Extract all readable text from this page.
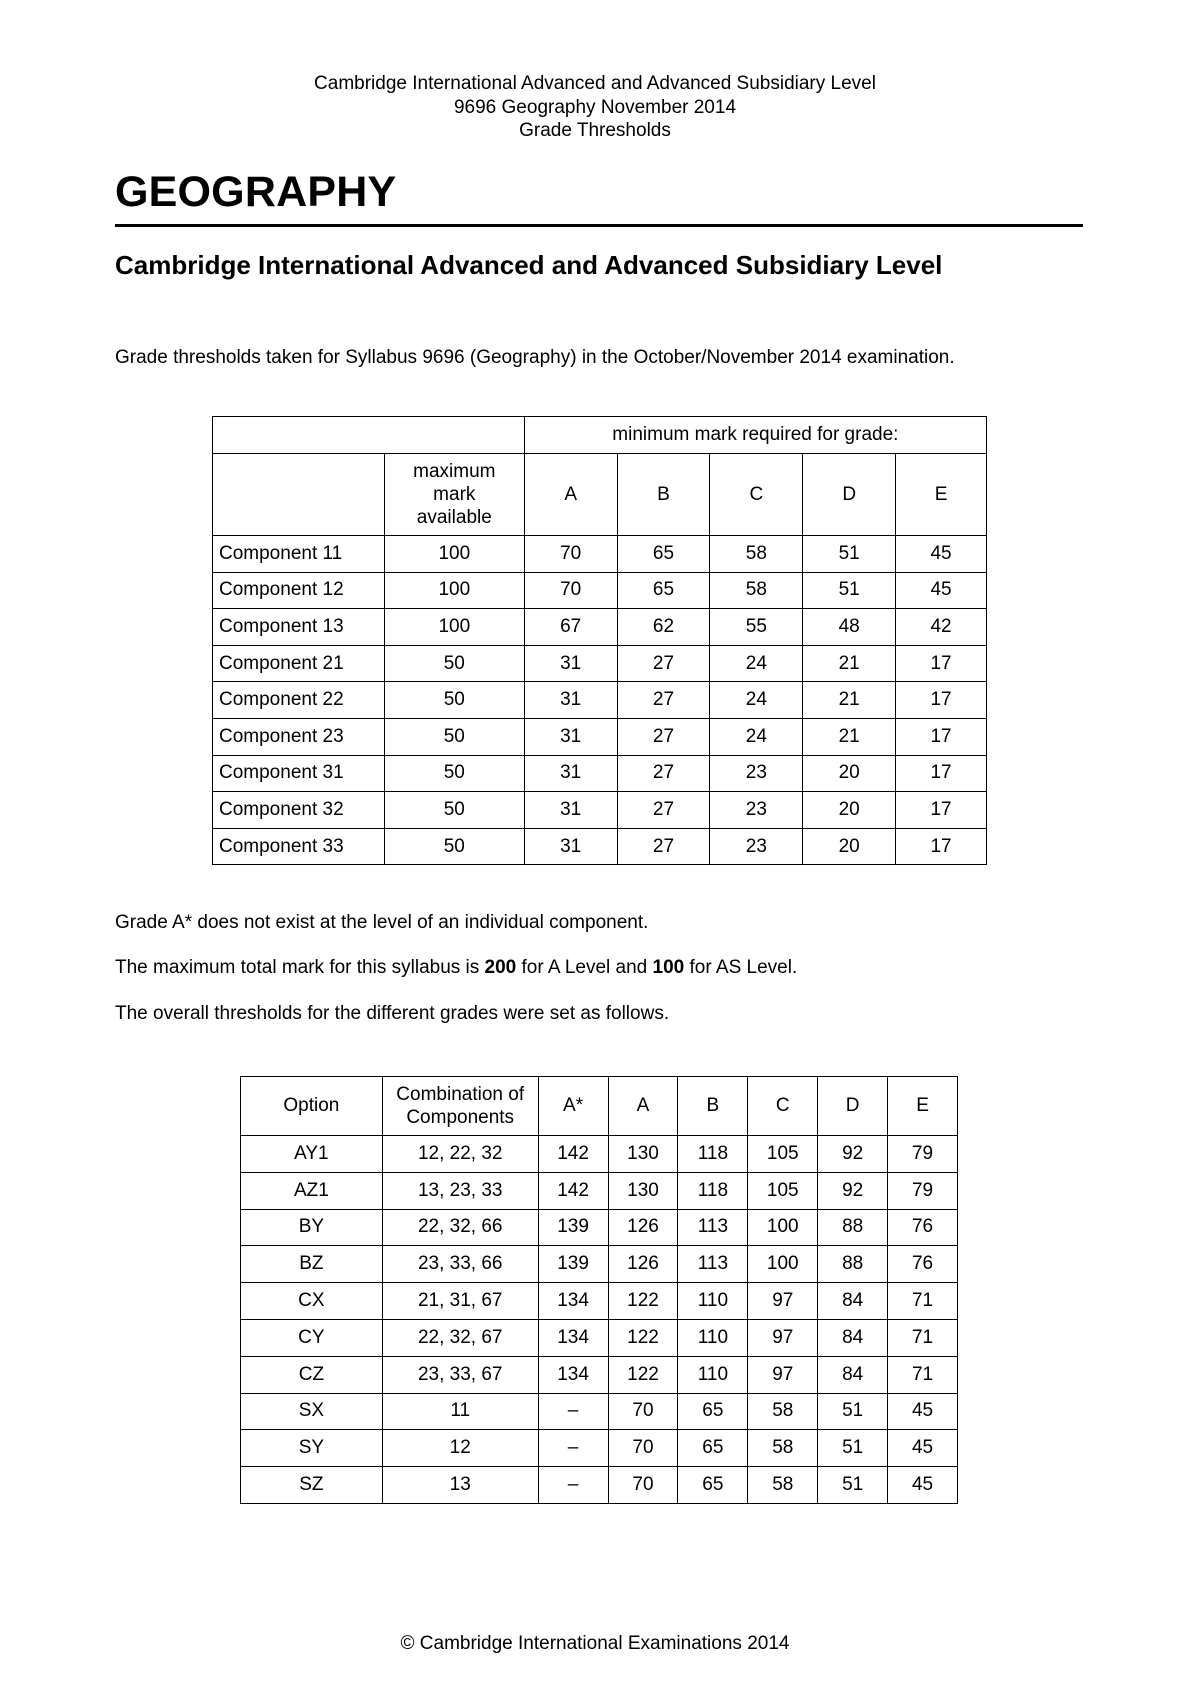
Cambridge International Advanced and Advanced Subsidiary Level
9696 Geography November 2014
Grade Thresholds
GEOGRAPHY
Cambridge International Advanced and Advanced Subsidiary Level
Grade thresholds taken for Syllabus 9696 (Geography) in the October/November 2014 examination.
		minimum mark required for grade:				

	maximum
mark
available	A	B	C	D	E
Component 11	100	70	65	58	51	45
Component 12	100	70	65	58	51	45
Component 13	100	67	62	55	48	42
Component 21	50	31	27	24	21	17
Component 22	50	31	27	24	21	17
Component 23	50	31	27	24	21	17
Component 31	50	31	27	23	20	17
Component 32	50	31	27	23	20	17
Component 33	50	31	27	23	20	17
Grade A* does not exist at the level of an individual component.
The maximum total mark for this syllabus is 200 for A Level and 100 for AS Level.
The overall thresholds for the different grades were set as follows.
Option	Combination of
Components	A*	A	B	C	D	E
AY1	12, 22, 32	142	130	118	105	92	79
AZ1	13, 23, 33	142	130	118	105	92	79
BY	22, 32, 66	139	126	113	100	88	76
BZ	23, 33, 66	139	126	113	100	88	76
CX	21, 31, 67	134	122	110	97	84	71
CY	22, 32, 67	134	122	110	97	84	71
CZ	23, 33, 67	134	122	110	97	84	71
SX	11	–	70	65	58	51	45
SY	12	–	70	65	58	51	45
SZ	13	–	70	65	58	51	45
© Cambridge International Examinations 2014
